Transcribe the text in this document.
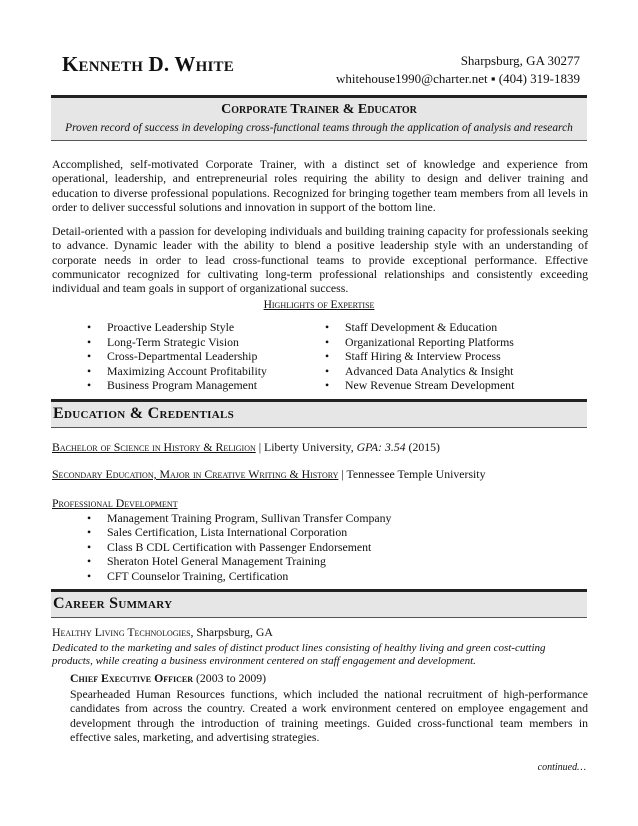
Kenneth D. White	Sharpsburg, GA 30277
whitehouse1990@charter.net ▪ (404) 319-1839
Corporate Trainer & Educator
Proven record of success in developing cross-functional teams through the application of analysis and research
Accomplished, self-motivated Corporate Trainer, with a distinct set of knowledge and experience from operational, leadership, and entrepreneurial roles requiring the ability to design and deliver training and education to diverse professional populations. Recognized for bringing together team members from all levels in order to deliver successful solutions and innovation in support of the bottom line.
Detail-oriented with a passion for developing individuals and building training capacity for professionals seeking to advance. Dynamic leader with the ability to blend a positive leadership style with an understanding of corporate needs in order to lead cross-functional teams to provide exceptional performance. Effective communicator recognized for cultivating long-term professional relationships and consistently exceeding individual and team goals in support of organizational success.
Highlights of Expertise
• Proactive Leadership Style
• Long-Term Strategic Vision
• Cross-Departmental Leadership
• Maximizing Account Profitability
• Business Program Management
• Staff Development & Education
• Organizational Reporting Platforms
• Staff Hiring & Interview Process
• Advanced Data Analytics & Insight
• New Revenue Stream Development
Education & Credentials
Bachelor of Science in History & Religion | Liberty University, GPA: 3.54 (2015)
Secondary Education, Major in Creative Writing & History | Tennessee Temple University
Professional Development
• Management Training Program, Sullivan Transfer Company
• Sales Certification, Lista International Corporation
• Class B CDL Certification with Passenger Endorsement
• Sheraton Hotel General Management Training
• CFT Counselor Training, Certification
Career Summary
Healthy Living Technologies, Sharpsburg, GA
Dedicated to the marketing and sales of distinct product lines consisting of healthy living and green cost-cutting products, while creating a business environment centered on staff engagement and development.
Chief Executive Officer (2003 to 2009)
Spearheaded Human Resources functions, which included the national recruitment of high-performance candidates from across the country. Created a work environment centered on employee engagement and development through the introduction of training meetings. Guided cross-functional team members in effective sales, marketing, and advertising strategies.
continued…
